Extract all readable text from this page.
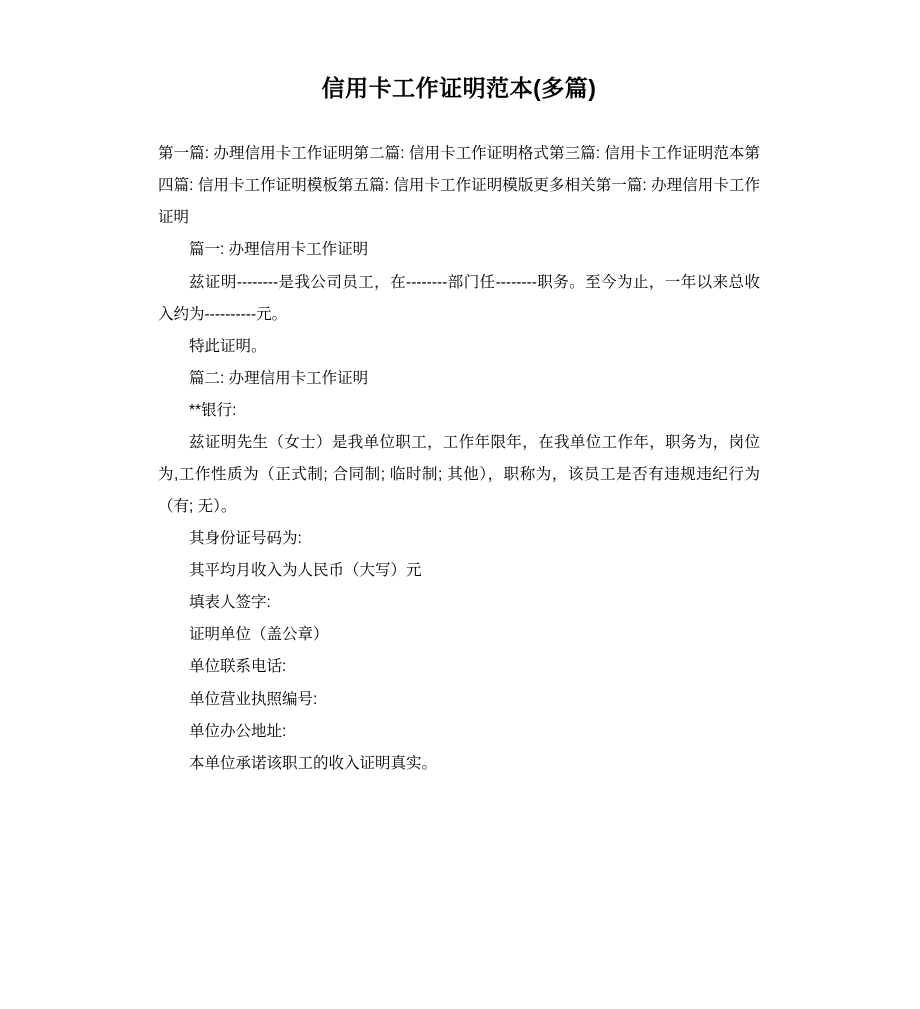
信用卡工作证明范本(多篇)

第一篇: 办理信用卡工作证明第二篇: 信用卡工作证明格式第三篇: 信用卡工作证明范本第四篇: 信用卡工作证明模板第五篇: 信用卡工作证明模版更多相关第一篇: 办理信用卡工作证明

篇一: 办理信用卡工作证明

兹证明--------是我公司员工，在--------部门任--------职务。至今为止，一年以来总收入约为----------元。

特此证明。

篇二: 办理信用卡工作证明

**银行:

兹证明先生（女士）是我单位职工，工作年限年，在我单位工作年，职务为，岗位为,工作性质为（正式制; 合同制; 临时制; 其他），职称为，该员工是否有违规违纪行为（有; 无）。

其身份证号码为:

其平均月收入为人民币（大写）元

填表人签字:

证明单位（盖公章）

单位联系电话:

单位营业执照编号:

单位办公地址:

本单位承诺该职工的收入证明真实。
